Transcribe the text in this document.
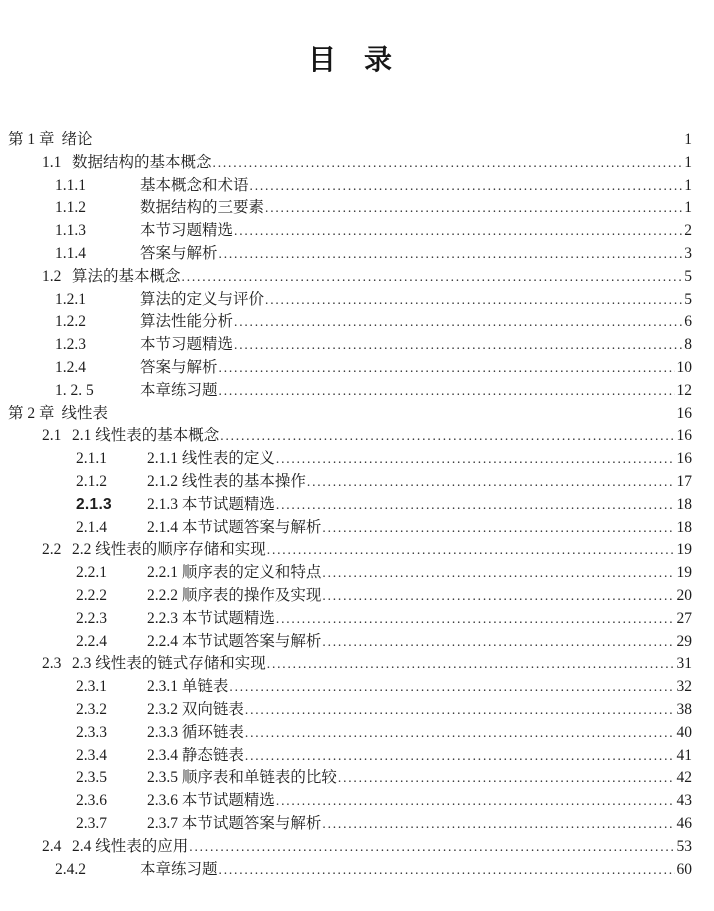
目　录
第 1 章 绪论	1
1.1 数据结构的基本概念 .....	1
1.1.1	基本概念和术语 .....	1
1.1.2	数据结构的三要素 .....	1
1.1.3	本节习题精选 .....	2
1.1.4	答案与解析 .....	3
1.2 算法的基本概念 .....	5
1.2.1	算法的定义与评价 .....	5
1.2.2	算法性能分析 .....	6
1.2.3	本节习题精选 .....	8
1.2.4	答案与解析 .....	10
1. 2. 5	本章练习题 .....	12
第 2 章 线性表	16
2.1 2.1 线性表的基本概念 .....	16
2.1.1	2.1.1 线性表的定义 .....	16
2.1.2	2.1.2 线性表的基本操作 .....	17
2.1.3	2.1.3 本节试题精选 .....	18
2.1.4	2.1.4 本节试题答案与解析 .....	18
2.2 2.2 线性表的顺序存储和实现 .....	19
2.2.1	2.2.1 顺序表的定义和特点 .....	19
2.2.2	2.2.2 顺序表的操作及实现 .....	20
2.2.3	2.2.3 本节试题精选 .....	27
2.2.4	2.2.4 本节试题答案与解析 .....	29
2.3 2.3 线性表的链式存储和实现 .....	31
2.3.1	2.3.1 单链表 .....	32
2.3.2	2.3.2 双向链表 .....	38
2.3.3	2.3.3 循环链表 .....	40
2.3.4	2.3.4 静态链表 .....	41
2.3.5	2.3.5 顺序表和单链表的比较 .....	42
2.3.6	2.3.6 本节试题精选 .....	43
2.3.7	2.3.7 本节试题答案与解析 .....	46
2.4 2.4 线性表的应用 .....	53
2.4.2	本章练习题 .....	60
